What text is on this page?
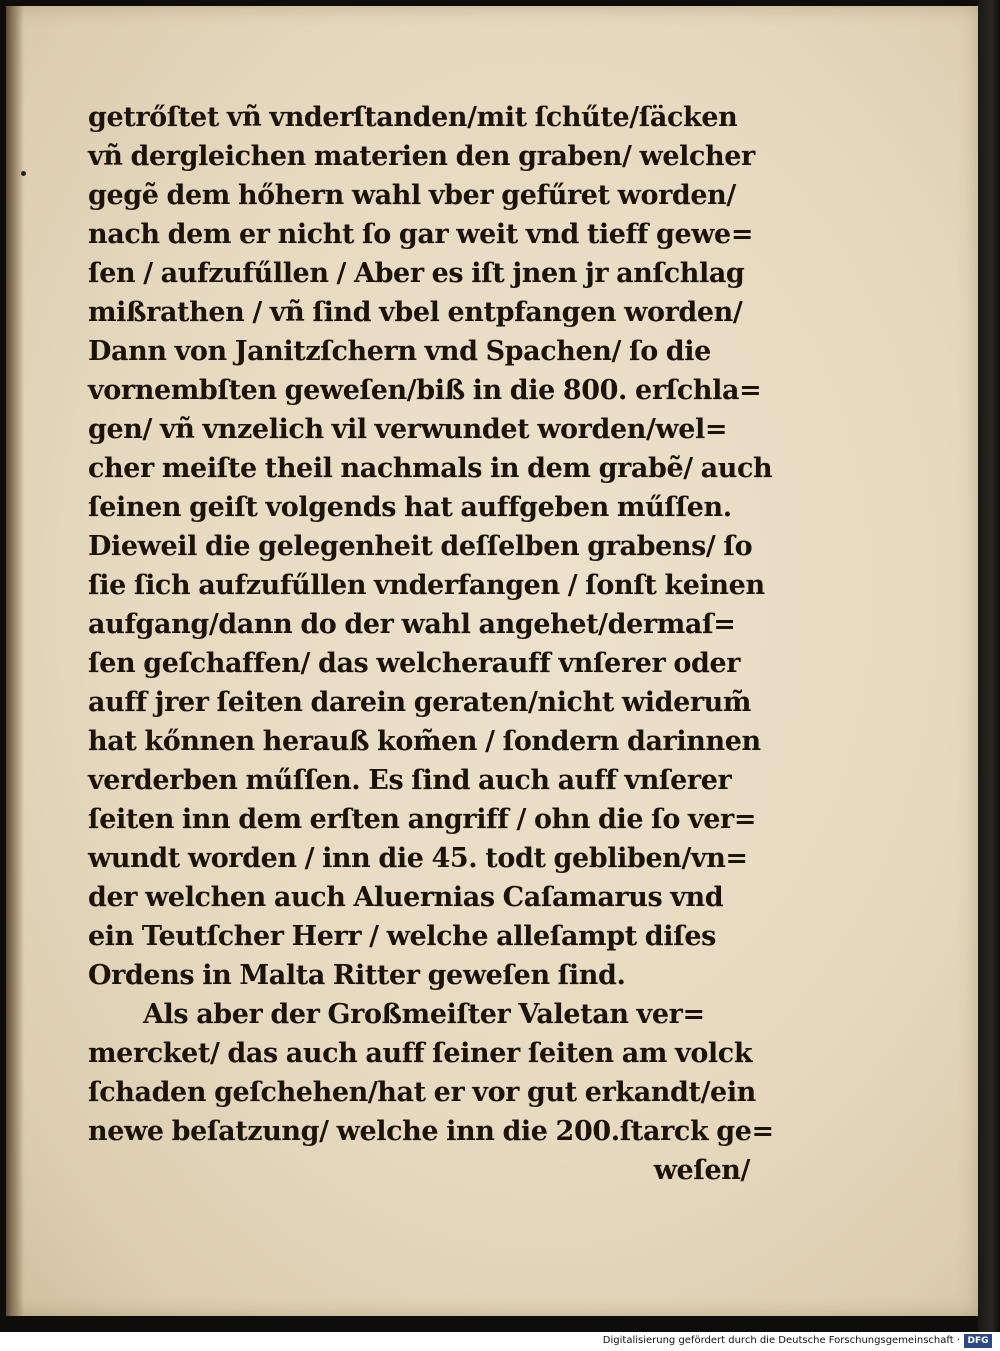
getrőſtet vñ vnderſtanden/mit ſchűte/ſäcken
vñ dergleichen materien den graben/ welcher
gegẽ dem hőhern wahl vber gefűret worden/
nach dem er nicht ſo gar weit vnd tieff gewe=
ſen / aufzufűllen / Aber es iſt jnen jr anſchlag
mißrathen / vñ ſind vbel entpfangen worden/
Dann von Janitzſchern vnd Spachen/ ſo die
vornembſten geweſen/biß in die 800. erſchla=
gen/ vñ vnzelich vil verwundet worden/wel=
cher meiſte theil nachmals in dem grabẽ/ auch
ſeinen geiſt volgends hat auffgeben műſſen.
Dieweil die gelegenheit deſſelben grabens/ ſo
ſie ſich aufzufűllen vnderfangen / ſonſt keinen
aufgang/dann do der wahl angehet/dermaſ=
ſen geſchaffen/ das welcherauff vnſerer oder
auff jrer ſeiten darein geraten/nicht widerum̃
hat kőnnen herauß kom̃en / ſondern darinnen
verderben műſſen. Es ſind auch auff vnſerer
ſeiten inn dem erſten angriff / ohn die ſo ver=
wundt worden / inn die 45. todt gebliben/vn=
der welchen auch Aluernias Caſamarus vnd
ein Teutſcher Herr / welche alleſampt diſes
Ordens in Malta Ritter geweſen ſind.
Als aber der Großmeiſter Valetan ver=
mercket/ das auch auff ſeiner ſeiten am volck
ſchaden geſchehen/hat er vor gut erkandt/ein
newe beſatzung/ welche inn die 200.ſtarck ge=
weſen/
Digitalisierung gefördert durch die Deutsche Forschungsgemeinschaft · DFG
